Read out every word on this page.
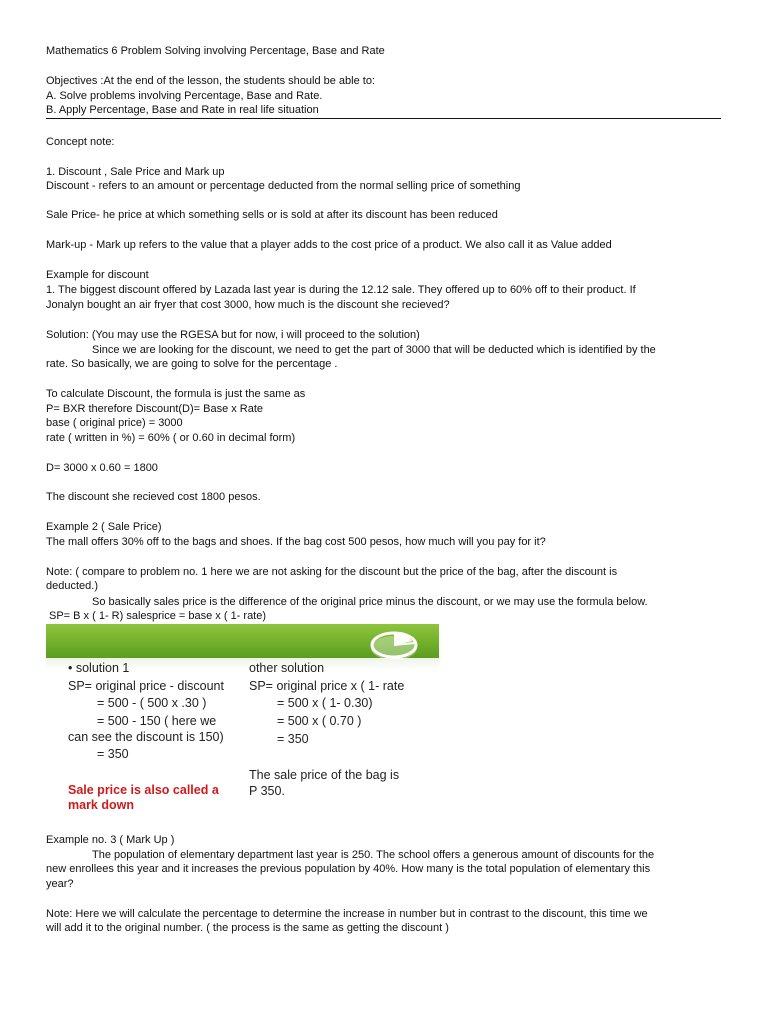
Mathematics 6 Problem Solving involving Percentage, Base and Rate

Objectives :At the end of the lesson, the students should be able to:

A. Solve problems involving Percentage, Base and Rate.

B. Apply Percentage, Base and Rate in real life situation

Concept note:

1. Discount , Sale Price and Mark up

Discount - refers to an amount or percentage deducted from the normal selling price of something

Sale Price- he price at which something sells or is sold at after its discount has been reduced

Mark-up - Mark up refers to the value that a player adds to the cost price of a product. We also call it as Value added

Example for discount

1. The biggest discount offered by Lazada last year is during the 12.12 sale. They offered up to 60% off to their product. If

Jonalyn bought an air fryer that cost 3000, how much is the discount she recieved?

Solution: (You may use the RGESA but for now, i will proceed to the solution)

Since we are looking for the discount, we need to get the part of 3000 that will be deducted which is identified by the

rate. So basically, we are going to solve for the percentage .

To calculate Discount, the formula is just the same as

P= BXR therefore Discount(D)= Base x Rate

base ( original price) = 3000

rate ( written in %) = 60% ( or 0.60 in decimal form)

D= 3000 x 0.60 = 1800

The discount she recieved cost 1800 pesos.

Example 2 ( Sale Price)

The mall offers 30% off to the bags and shoes. If the bag cost 500 pesos, how much will you pay for it?

Note: ( compare to problem no. 1 here we are not asking for the discount but the price of the bag, after the discount is

deducted.)

So basically sales price is the difference of the original price minus the discount, or we may use the formula below.

SP= B x ( 1- R) salesprice = base x ( 1- rate)

• solution 1

SP= original price - discount

= 500 - ( 500 x .30 )

= 500 - 150 ( here we

can see the discount is 150)

= 350

Sale price is also called a

mark down

other solution

SP= original price x ( 1- rate

= 500 x ( 1- 0.30)

= 500 x ( 0.70 )

= 350

The sale price of the bag is

P 350.

Example no. 3 ( Mark Up )

The population of elementary department last year is 250. The school offers a generous amount of discounts for the

new enrollees this year and it increases the previous population by 40%. How many is the total population of elementary this

year?

Note: Here we will calculate the percentage to determine the increase in number but in contrast to the discount, this time we

will add it to the original number. ( the process is the same as getting the discount )
